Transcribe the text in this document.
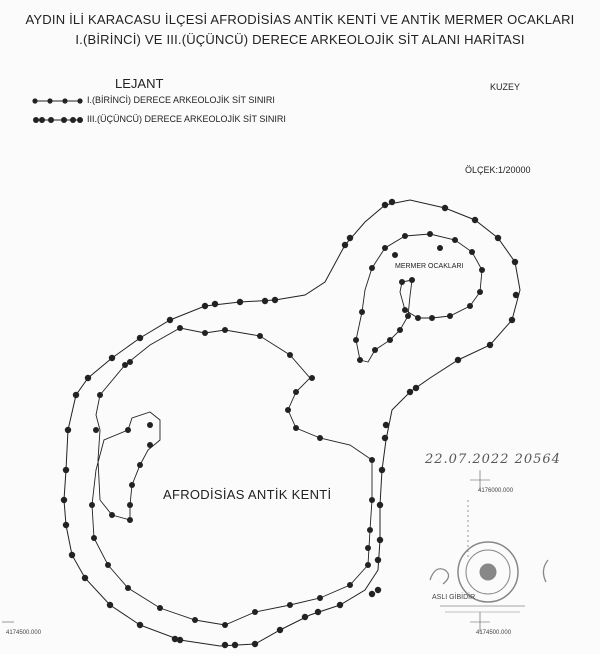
AYDIN İLİ KARACASU İLÇESİ AFRODİSİAS ANTİK KENTİ VE ANTİK MERMER OCAKLARI
I.(BİRİNCİ) VE III.(ÜÇÜNCÜ) DERECE ARKEOLOJİK SİT ALANI HARİTASI
LEJANT
I.(BİRİNCİ) DERECE ARKEOLOJİK SİT SINIRI
III.(ÜÇÜNCÜ) DERECE ARKEOLOJİK SİT SINIRI
KUZEY
ÖLÇEK:1/20000
MERMER OCAKLARI
AFRODİSİAS ANTİK KENTİ	4176000.000
4174500.000	4174500.000
22.07.2022 20564
ASLI GİBİDİR
